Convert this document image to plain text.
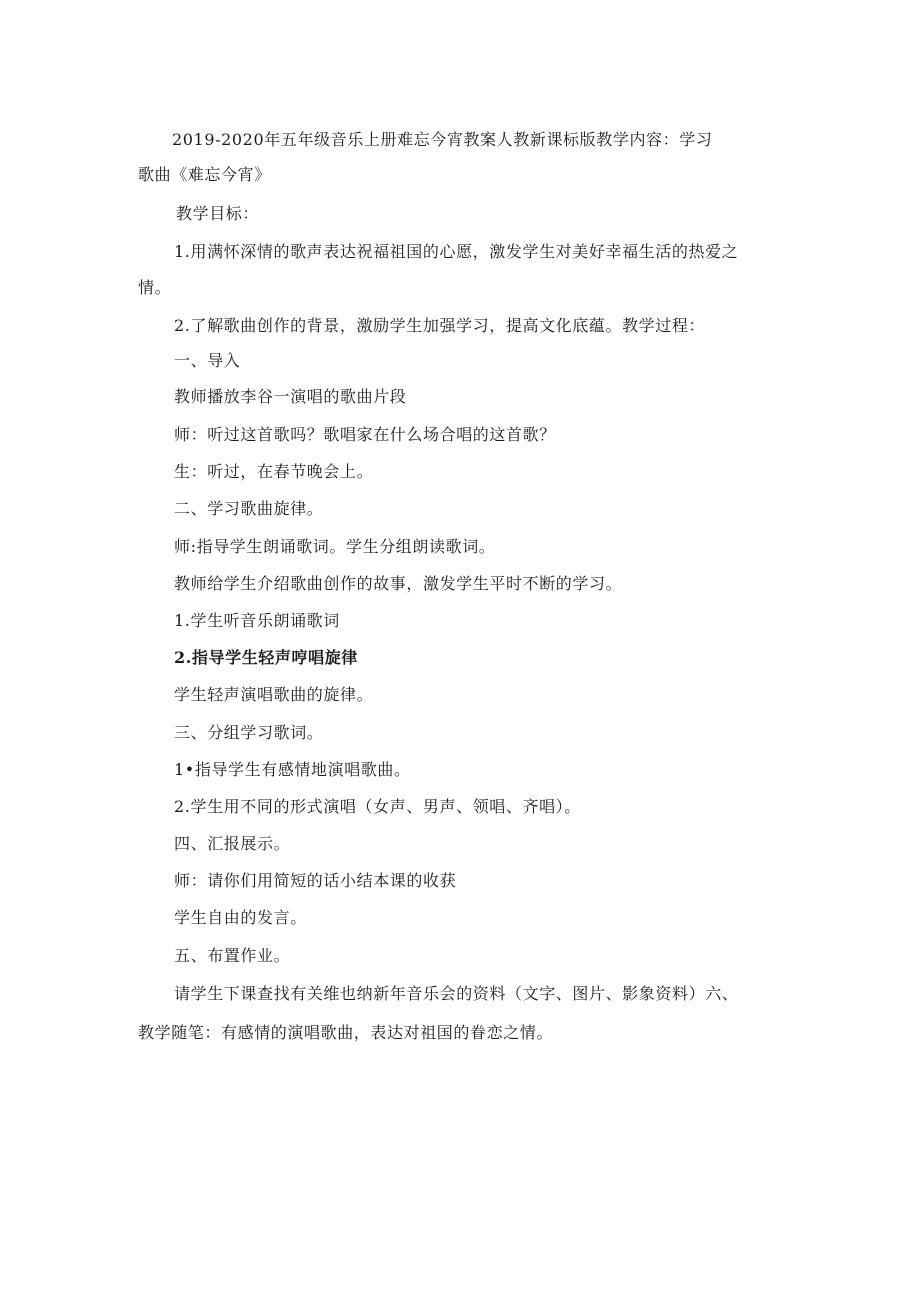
2019-2020年五年级音乐上册难忘今宵教案人教新课标版教学内容：学习
歌曲《难忘今宵》
教学目标：
1.用满怀深情的歌声表达祝福祖国的心愿，激发学生对美好幸福生活的热爱之
情。
2.了解歌曲创作的背景，激励学生加强学习，提高文化底蕴。教学过程：
一、导入
教师播放李谷一演唱的歌曲片段
师：听过这首歌吗？歌唱家在什么场合唱的这首歌？
生：听过，在春节晚会上。
二、学习歌曲旋律。
师:指导学生朗诵歌词。学生分组朗读歌词。
教师给学生介绍歌曲创作的故事，激发学生平时不断的学习。
1.学生听音乐朗诵歌词
2.指导学生轻声哼唱旋律
学生轻声演唱歌曲的旋律。
三、分组学习歌词。
1•指导学生有感情地演唱歌曲。
2.学生用不同的形式演唱（女声、男声、领唱、齐唱）。
四、汇报展示。
师：请你们用简短的话小结本课的收获
学生自由的发言。
五、布置作业。
请学生下课查找有关维也纳新年音乐会的资料（文字、图片、影象资料）六、
教学随笔：有感情的演唱歌曲，表达对祖国的眷恋之情。
